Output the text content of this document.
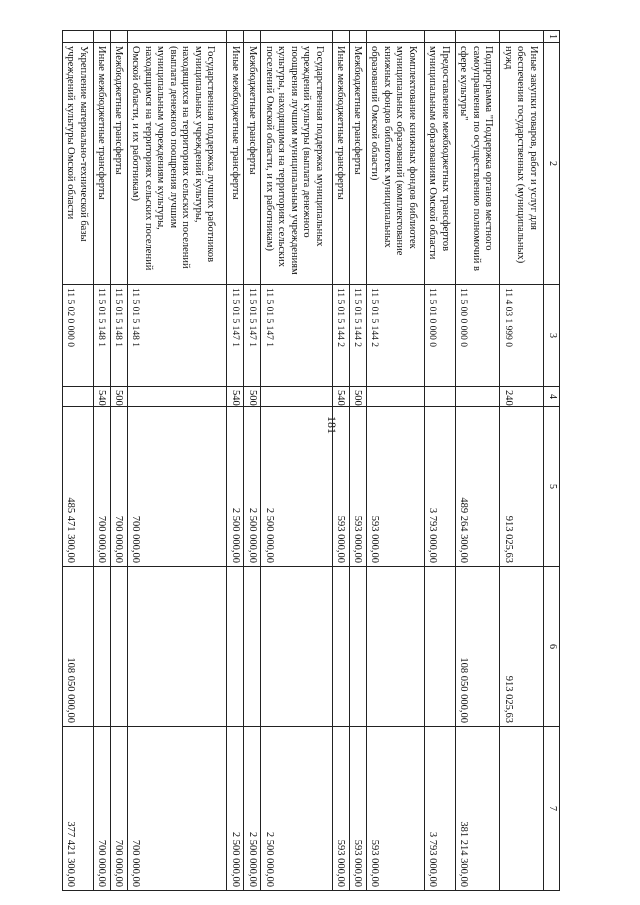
181
1	2	3	4	5	6	7
	Иные закупки товаров, работ и услуг для обеспечения государственных (муниципальных) нужд	11 4 03 1 999 0	240	913 025,63	913 025,63	
	Подпрограмма "Поддержка органов местного самоуправления по осуществлению полномочий в сфере культуры"	11 5 00 0 000 0		489 264 300,00	108 050 000,00	381 214 300,00
	Предоставление межбюджетных трансфертов муниципальным образованиям Омской области	11 5 01 0 000 0		3 793 000,00		3 793 000,00
	Комплектование книжных фондов библиотек муниципальных образований (комплектование книжных фондов библиотек муниципальных образований Омской области)	11 5 01 5 144 2		593 000,00		593 000,00
	Межбюджетные трансферты	11 5 01 5 144 2	500	593 000,00		593 000,00
	Иные межбюджетные трансферты	11 5 01 5 144 2	540	593 000,00		593 000,00
	Государственная поддержка муниципальных учреждений культуры (выплата денежного поощрения лучшим муниципальным учреждениям культуры, находящимся на территориях сельских поселений Омской области, и их работникам)	11 5 01 5 147 1		2 500 000,00		2 500 000,00
	Межбюджетные трансферты	11 5 01 5 147 1	500	2 500 000,00		2 500 000,00
	Иные межбюджетные трансферты	11 5 01 5 147 1	540	2 500 000,00		2 500 000,00
	Государственная поддержка лучших работников муниципальных учреждений культуры, находящихся на территориях сельских поселений (выплата денежного поощрения лучшим муниципальным учреждениям культуры, находящимся на территориях сельских поселений Омской области, и их работникам)	11 5 01 5 148 1		700 000,00		700 000,00
	Межбюджетные трансферты	11 5 01 5 148 1	500	700 000,00		700 000,00
	Иные межбюджетные трансферты	11 5 01 5 148 1	540	700 000,00		700 000,00
	Укрепление материально-технической базы учреждений культуры Омской области	11 5 02 0 000 0		485 471 300,00	108 050 000,00	377 421 300,00
